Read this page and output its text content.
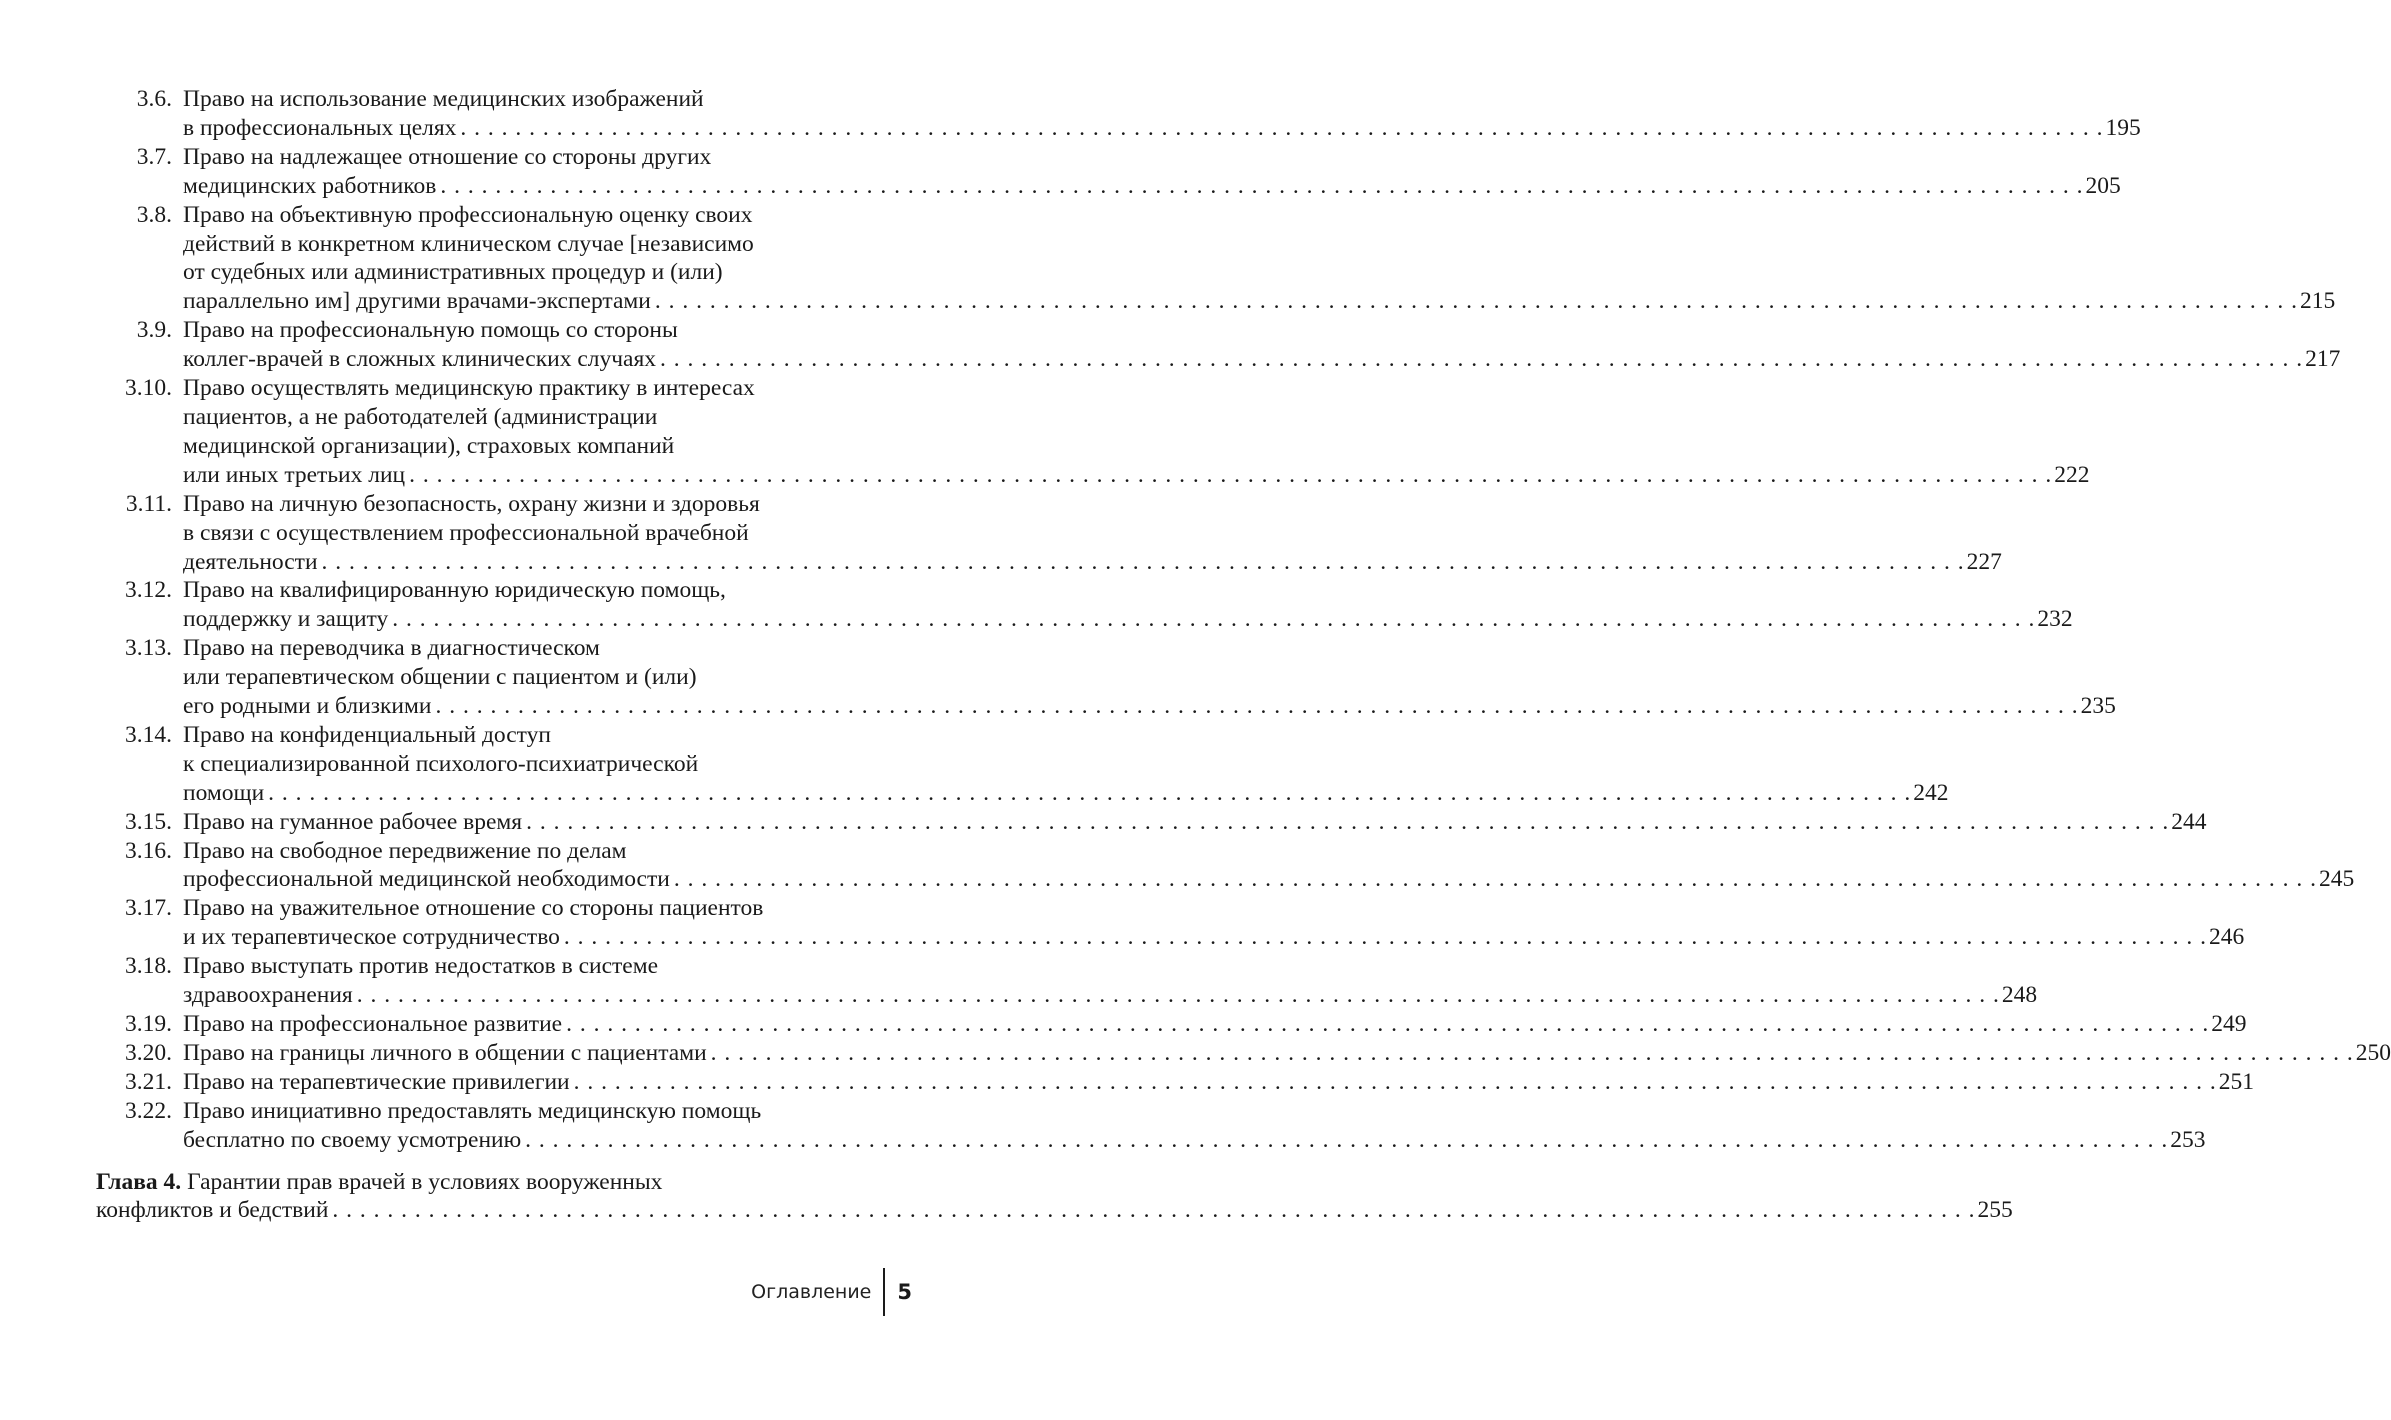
3.6. Право на использование медицинских изображений
в профессиональных целях . . . . . . . . . . . . . . . . . . . . . . . . . . . . . . . . . . . . . . . . . . . . . . . . . . . . . . . . . . . . . . . . . . . . . . . . . . . . . . . . . . . . . . . . . . . . . . . . . . . . . . . . . . . . . . . . . . . . . . . . 195
3.7. Право на надлежащее отношение со стороны других
медицинских работников . . . . . . . . . . . . . . . . . . . . . . . . . . . . . . . . . . . . . . . . . . . . . . . . . . . . . . . . . . . . . . . . . . . . . . . . . . . . . . . . . . . . . . . . . . . . . . . . . . . . . . . . . . . . . . . . . . . . . . . . 205
3.8. Право на объективную профессиональную оценку своих
действий в конкретном клиническом случае [независимо
от судебных или административных процедур и (или)
параллельно им] другими врачами-экспертами . . . . . . . . . . . . . . . . . . . . . . . . . . . . . . . . . . . . . . . . . . . . . . . . . . . . . . . . . . . . . . . . . . . . . . . . . . . . . . . . . . . . . . . . . . . . . . . . . . . . . . . . . . . . . . . . . . . . . . . . 215
3.9. Право на профессиональную помощь со стороны
коллег-врачей в сложных клинических случаях . . . . . . . . . . . . . . . . . . . . . . . . . . . . . . . . . . . . . . . . . . . . . . . . . . . . . . . . . . . . . . . . . . . . . . . . . . . . . . . . . . . . . . . . . . . . . . . . . . . . . . . . . . . . . . . . . . . . . . . . 217
3.10. Право осуществлять медицинскую практику в интересах
пациентов, а не работодателей (администрации
медицинской организации), страховых компаний
или иных третьих лиц . . . . . . . . . . . . . . . . . . . . . . . . . . . . . . . . . . . . . . . . . . . . . . . . . . . . . . . . . . . . . . . . . . . . . . . . . . . . . . . . . . . . . . . . . . . . . . . . . . . . . . . . . . . . . . . . . . . . . . . . 222
3.11. Право на личную безопасность, охрану жизни и здоровья
в связи с осуществлением профессиональной врачебной
деятельности . . . . . . . . . . . . . . . . . . . . . . . . . . . . . . . . . . . . . . . . . . . . . . . . . . . . . . . . . . . . . . . . . . . . . . . . . . . . . . . . . . . . . . . . . . . . . . . . . . . . . . . . . . . . . . . . . . . . . . . . 227
3.12. Право на квалифицированную юридическую помощь,
поддержку и защиту . . . . . . . . . . . . . . . . . . . . . . . . . . . . . . . . . . . . . . . . . . . . . . . . . . . . . . . . . . . . . . . . . . . . . . . . . . . . . . . . . . . . . . . . . . . . . . . . . . . . . . . . . . . . . . . . . . . . . . . . 232
3.13. Право на переводчика в диагностическом
или терапевтическом общении с пациентом и (или)
его родными и близкими . . . . . . . . . . . . . . . . . . . . . . . . . . . . . . . . . . . . . . . . . . . . . . . . . . . . . . . . . . . . . . . . . . . . . . . . . . . . . . . . . . . . . . . . . . . . . . . . . . . . . . . . . . . . . . . . . . . . . . . . 235
3.14. Право на конфиденциальный доступ
к специализированной психолого-психиатрической
помощи . . . . . . . . . . . . . . . . . . . . . . . . . . . . . . . . . . . . . . . . . . . . . . . . . . . . . . . . . . . . . . . . . . . . . . . . . . . . . . . . . . . . . . . . . . . . . . . . . . . . . . . . . . . . . . . . . . . . . . . . 242
3.15. Право на гуманное рабочее время . . . . . . . . . . . . . . . . . . . . . . . . . . . . . . . . . . . . . . . . . . . . . . . . . . . . . . . . . . . . . . . . . . . . . . . . . . . . . . . . . . . . . . . . . . . . . . . . . . . . . . . . . . . . . . . . . . . . . . . . 244
3.16. Право на свободное передвижение по делам
профессиональной медицинской необходимости . . . . . . . . . . . . . . . . . . . . . . . . . . . . . . . . . . . . . . . . . . . . . . . . . . . . . . . . . . . . . . . . . . . . . . . . . . . . . . . . . . . . . . . . . . . . . . . . . . . . . . . . . . . . . . . . . . . . . . . . 245
3.17. Право на уважительное отношение со стороны пациентов
и их терапевтическое сотрудничество . . . . . . . . . . . . . . . . . . . . . . . . . . . . . . . . . . . . . . . . . . . . . . . . . . . . . . . . . . . . . . . . . . . . . . . . . . . . . . . . . . . . . . . . . . . . . . . . . . . . . . . . . . . . . . . . . . . . . . . . 246
3.18. Право выступать против недостатков в системе
здравоохранения . . . . . . . . . . . . . . . . . . . . . . . . . . . . . . . . . . . . . . . . . . . . . . . . . . . . . . . . . . . . . . . . . . . . . . . . . . . . . . . . . . . . . . . . . . . . . . . . . . . . . . . . . . . . . . . . . . . . . . . . 248
3.19. Право на профессиональное развитие . . . . . . . . . . . . . . . . . . . . . . . . . . . . . . . . . . . . . . . . . . . . . . . . . . . . . . . . . . . . . . . . . . . . . . . . . . . . . . . . . . . . . . . . . . . . . . . . . . . . . . . . . . . . . . . . . . . . . . . . 249
3.20. Право на границы личного в общении с пациентами . . . . . . . . . . . . . . . . . . . . . . . . . . . . . . . . . . . . . . . . . . . . . . . . . . . . . . . . . . . . . . . . . . . . . . . . . . . . . . . . . . . . . . . . . . . . . . . . . . . . . . . . . . . . . . . . . . . . . . . . 250
3.21. Право на терапевтические привилегии . . . . . . . . . . . . . . . . . . . . . . . . . . . . . . . . . . . . . . . . . . . . . . . . . . . . . . . . . . . . . . . . . . . . . . . . . . . . . . . . . . . . . . . . . . . . . . . . . . . . . . . . . . . . . . . . . . . . . . . . 251
3.22. Право инициативно предоставлять медицинскую помощь
бесплатно по своему усмотрению . . . . . . . . . . . . . . . . . . . . . . . . . . . . . . . . . . . . . . . . . . . . . . . . . . . . . . . . . . . . . . . . . . . . . . . . . . . . . . . . . . . . . . . . . . . . . . . . . . . . . . . . . . . . . . . . . . . . . . . . 253
Глава 4. Гарантии прав врачей в условиях вооруженных
конфликтов и бедствий . . . . . . . . . . . . . . . . . . . . . . . . . . . . . . . . . . . . . . . . . . . . . . . . . . . . . . . . . . . . . . . . . . . . . . . . . . . . . . . . . . . . . . . . . . . . . . . . . . . . . . . . . . . . . . . . . . . . . . . . 255
Оглавление	5
